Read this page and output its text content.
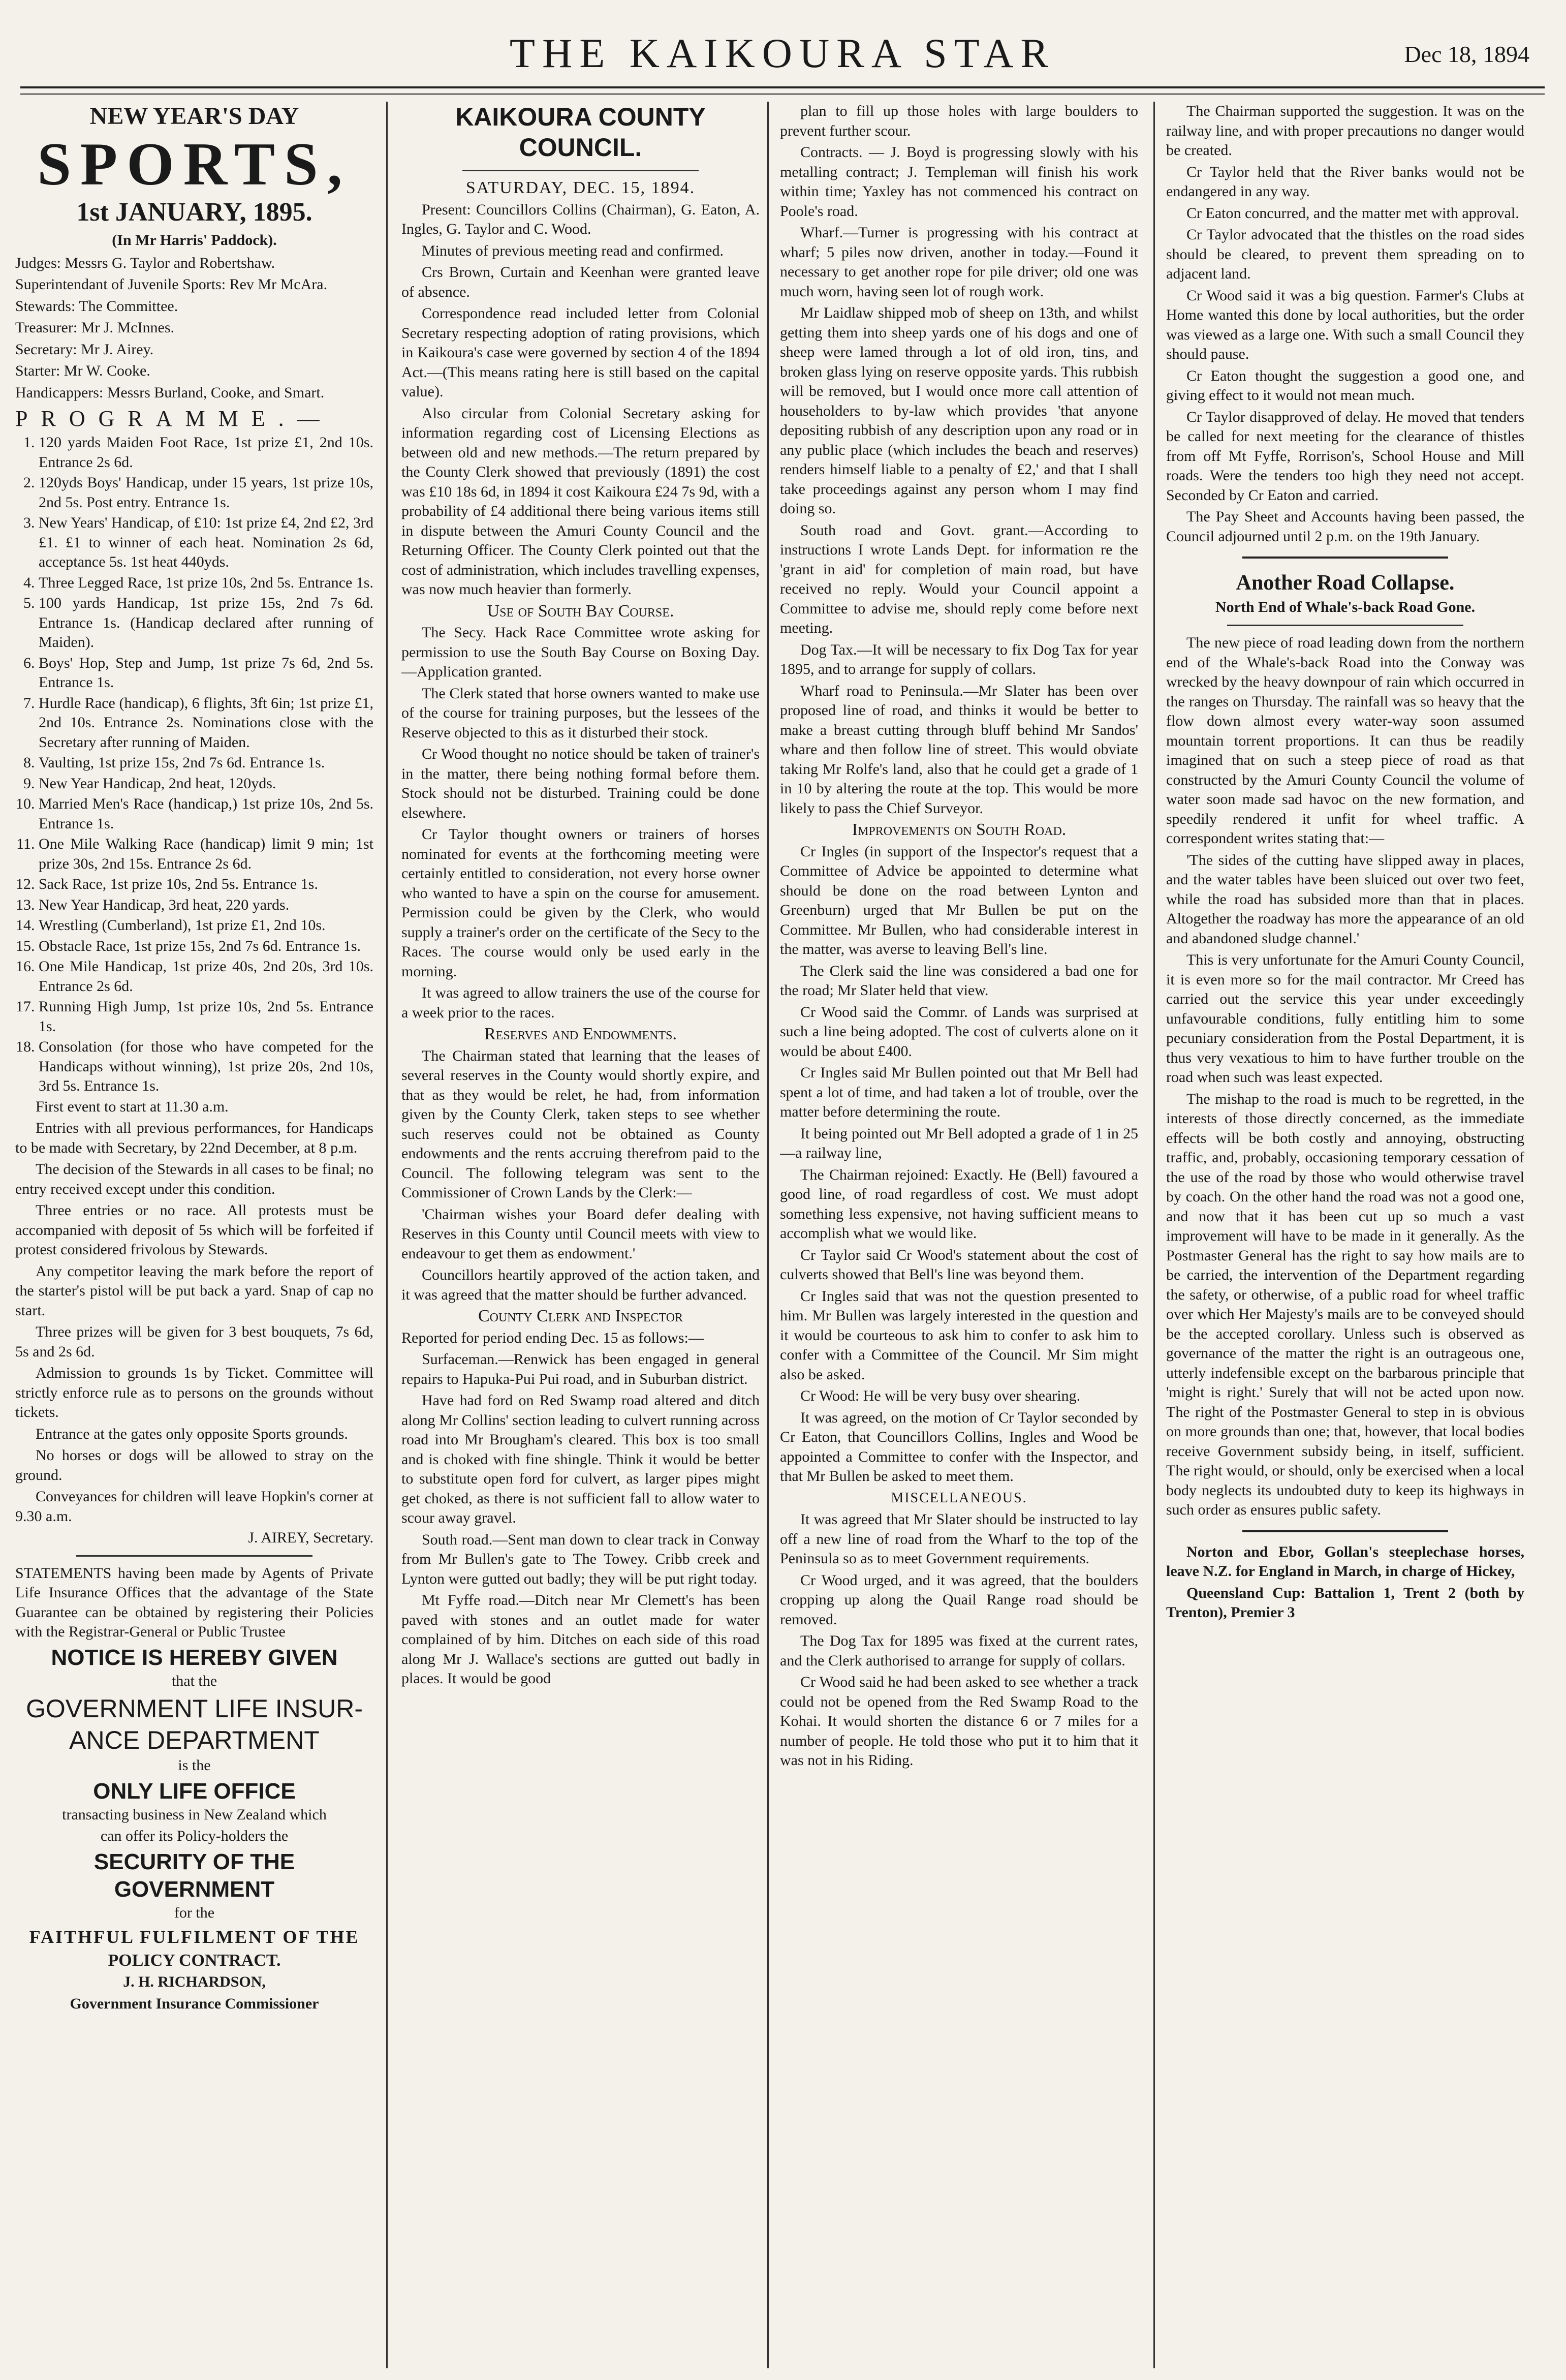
THE KAIKOURA STAR	Dec 18, 1894
NEW YEAR'S DAY
SPORTS,
1st JANUARY, 1895.

(In Mr Harris' Paddock).

Judges: Messrs G. Taylor and Robertshaw.

Superintendant of Juvenile Sports: Rev Mr McAra.

Stewards: The Committee.

Treasurer: Mr J. McInnes.

Secretary: Mr J. Airey.

Starter: Mr W. Cooke.

Handicappers: Messrs Burland, Cooke, and Smart.

PROGRAMME.—
1. 120 yards Maiden Foot Race, 1st prize £1, 2nd 10s. Entrance 2s 6d.
2. 120yds Boys' Handicap, under 15 years, 1st prize 10s, 2nd 5s. Post entry. Entrance 1s.
3. New Years' Handicap, of £10: 1st prize £4, 2nd £2, 3rd £1. £1 to winner of each heat. Nomination 2s 6d, acceptance 5s. 1st heat 440yds.
4. Three Legged Race, 1st prize 10s, 2nd 5s. Entrance 1s.
5. 100 yards Handicap, 1st prize 15s, 2nd 7s 6d. Entrance 1s. (Handicap declared after running of Maiden).
6. Boys' Hop, Step and Jump, 1st prize 7s 6d, 2nd 5s. Entrance 1s.
7. Hurdle Race (handicap), 6 flights, 3ft 6in; 1st prize £1, 2nd 10s. Entrance 2s. Nominations close with the Secretary after running of Maiden.
8. Vaulting, 1st prize 15s, 2nd 7s 6d. Entrance 1s.
9. New Year Handicap, 2nd heat, 120yds.
10. Married Men's Race (handicap,) 1st prize 10s, 2nd 5s. Entrance 1s.
11. One Mile Walking Race (handicap) limit 9 min; 1st prize 30s, 2nd 15s. Entrance 2s 6d.
12. Sack Race, 1st prize 10s, 2nd 5s. Entrance 1s.
13. New Year Handicap, 3rd heat, 220 yards.
14. Wrestling (Cumberland), 1st prize £1, 2nd 10s.
15. Obstacle Race, 1st prize 15s, 2nd 7s 6d. Entrance 1s.
16. One Mile Handicap, 1st prize 40s, 2nd 20s, 3rd 10s. Entrance 2s 6d.
17. Running High Jump, 1st prize 10s, 2nd 5s. Entrance 1s.
18. Consolation (for those who have competed for the Handicaps without winning), 1st prize 20s, 2nd 10s, 3rd 5s. Entrance 1s.

First event to start at 11.30 a.m.

Entries with all previous performances, for Handicaps to be made with Secretary, by 22nd December, at 8 p.m.

The decision of the Stewards in all cases to be final; no entry received except under this condition.

Three entries or no race. All protests must be accompanied with deposit of 5s which will be forfeited if protest considered frivolous by Stewards.

Any competitor leaving the mark before the report of the starter's pistol will be put back a yard. Snap of cap no start.

Three prizes will be given for 3 best bouquets, 7s 6d, 5s and 2s 6d.

Admission to grounds 1s by Ticket. Committee will strictly enforce rule as to persons on the grounds without tickets.

Entrance at the gates only opposite Sports grounds.

No horses or dogs will be allowed to stray on the ground.

Conveyances for children will leave Hopkin's corner at 9.30 a.m.

J. AIREY, Secretary.

STATEMENTS having been made by Agents of Private Life Insurance Offices that the advantage of the State Guarantee can be obtained by registering their Policies with the Registrar-General or Public Trustee

NOTICE IS HEREBY GIVEN

that the

GOVERNMENT LIFE INSUR-
ANCE DEPARTMENT

is the

ONLY LIFE OFFICE

transacting business in New Zealand which

can offer its Policy-holders the

SECURITY OF THE GOVERNMENT

for the

FAITHFUL FULFILMENT OF THE
POLICY CONTRACT.

J. H. RICHARDSON,

Government Insurance Commissioner

KAIKOURA COUNTY COUNCIL.

SATURDAY, DEC. 15, 1894.

Present: Councillors Collins (Chairman), G. Eaton, A. Ingles, G. Taylor and C. Wood.

Minutes of previous meeting read and confirmed.

Crs Brown, Curtain and Keenhan were granted leave of absence.

Correspondence read included letter from Colonial Secretary respecting adoption of rating provisions, which in Kaikoura's case were governed by section 4 of the 1894 Act.—(This means rating here is still based on the capital value).

Also circular from Colonial Secretary asking for information regarding cost of Licensing Elections as between old and new methods.—The return prepared by the County Clerk showed that previously (1891) the cost was £10 18s 6d, in 1894 it cost Kaikoura £24 7s 9d, with a probability of £4 additional there being various items still in dispute between the Amuri County Council and the Returning Officer. The County Clerk pointed out that the cost of administration, which includes travelling expenses, was now much heavier than formerly.

Use of South Bay Course.

The Secy. Hack Race Committee wrote asking for permission to use the South Bay Course on Boxing Day.—Application granted.

The Clerk stated that horse owners wanted to make use of the course for training purposes, but the lessees of the Reserve objected to this as it disturbed their stock.

Cr Wood thought no notice should be taken of trainer's in the matter, there being nothing formal before them. Stock should not be disturbed. Training could be done elsewhere.

Cr Taylor thought owners or trainers of horses nominated for events at the forthcoming meeting were certainly entitled to consideration, not every horse owner who wanted to have a spin on the course for amusement. Permission could be given by the Clerk, who would supply a trainer's order on the certificate of the Secy to the Races. The course would only be used early in the morning.

It was agreed to allow trainers the use of the course for a week prior to the races.

Reserves and Endowments.

The Chairman stated that learning that the leases of several reserves in the County would shortly expire, and that as they would be relet, he had, from information given by the County Clerk, taken steps to see whether such reserves could not be obtained as County endowments and the rents accruing therefrom paid to the Council. The following telegram was sent to the Commissioner of Crown Lands by the Clerk:—

'Chairman wishes your Board defer dealing with Reserves in this County until Council meets with view to endeavour to get them as endowment.'

Councillors heartily approved of the action taken, and it was agreed that the matter should be further advanced.

County Clerk and Inspector

Reported for period ending Dec. 15 as follows:—

Surfaceman.—Renwick has been engaged in general repairs to Hapuka-Pui Pui road, and in Suburban district.

Have had ford on Red Swamp road altered and ditch along Mr Collins' section leading to culvert running across road into Mr Brougham's cleared. This box is too small and is choked with fine shingle. Think it would be better to substitute open ford for culvert, as larger pipes might get choked, as there is not sufficient fall to allow water to scour away gravel.

South road.—Sent man down to clear track in Conway from Mr Bullen's gate to The Towey. Cribb creek and Lynton were gutted out badly; they will be put right today.

Mt Fyffe road.—Ditch near Mr Clemett's has been paved with stones and an outlet made for water complained of by him. Ditches on each side of this road along Mr J. Wallace's sections are gutted out badly in places. It would be good

plan to fill up those holes with large boulders to prevent further scour.

Contracts. — J. Boyd is progressing slowly with his metalling contract; J. Templeman will finish his work within time; Yaxley has not commenced his contract on Poole's road.

Wharf.—Turner is progressing with his contract at wharf; 5 piles now driven, another in today.—Found it necessary to get another rope for pile driver; old one was much worn, having seen lot of rough work.

Mr Laidlaw shipped mob of sheep on 13th, and whilst getting them into sheep yards one of his dogs and one of sheep were lamed through a lot of old iron, tins, and broken glass lying on reserve opposite yards. This rubbish will be removed, but I would once more call attention of householders to by-law which provides 'that anyone depositing rubbish of any description upon any road or in any public place (which includes the beach and reserves) renders himself liable to a penalty of £2,' and that I shall take proceedings against any person whom I may find doing so.

South road and Govt. grant.—According to instructions I wrote Lands Dept. for information re the 'grant in aid' for completion of main road, but have received no reply. Would your Council appoint a Committee to advise me, should reply come before next meeting.

Dog Tax.—It will be necessary to fix Dog Tax for year 1895, and to arrange for supply of collars.

Wharf road to Peninsula.—Mr Slater has been over proposed line of road, and thinks it would be better to make a breast cutting through bluff behind Mr Sandos' whare and then follow line of street. This would obviate taking Mr Rolfe's land, also that he could get a grade of 1 in 10 by altering the route at the top. This would be more likely to pass the Chief Surveyor.

Improvements on South Road.

Cr Ingles (in support of the Inspector's request that a Committee of Advice be appointed to determine what should be done on the road between Lynton and Greenburn) urged that Mr Bullen be put on the Committee. Mr Bullen, who had considerable interest in the matter, was averse to leaving Bell's line.

The Clerk said the line was considered a bad one for the road; Mr Slater held that view.

Cr Wood said the Commr. of Lands was surprised at such a line being adopted. The cost of culverts alone on it would be about £400.

Cr Ingles said Mr Bullen pointed out that Mr Bell had spent a lot of time, and had taken a lot of trouble, over the matter before determining the route.

It being pointed out Mr Bell adopted a grade of 1 in 25—a railway line,

The Chairman rejoined: Exactly. He (Bell) favoured a good line, of road regardless of cost. We must adopt something less expensive, not having sufficient means to accomplish what we would like.

Cr Taylor said Cr Wood's statement about the cost of culverts showed that Bell's line was beyond them.

Cr Ingles said that was not the question presented to him. Mr Bullen was largely interested in the question and it would be courteous to ask him to confer to ask him to confer with a Committee of the Council. Mr Sim might also be asked.

Cr Wood: He will be very busy over shearing.

It was agreed, on the motion of Cr Taylor seconded by Cr Eaton, that Councillors Collins, Ingles and Wood be appointed a Committee to confer with the Inspector, and that Mr Bullen be asked to meet them.

MISCELLANEOUS.

It was agreed that Mr Slater should be instructed to lay off a new line of road from the Wharf to the top of the Peninsula so as to meet Government requirements.

Cr Wood urged, and it was agreed, that the boulders cropping up along the Quail Range road should be removed.

The Dog Tax for 1895 was fixed at the current rates, and the Clerk authorised to arrange for supply of collars.

Cr Wood said he had been asked to see whether a track could not be opened from the Red Swamp Road to the Kohai. It would shorten the distance 6 or 7 miles for a number of people. He told those who put it to him that it was not in his Riding.

The Chairman supported the suggestion. It was on the railway line, and with proper precautions no danger would be created.

Cr Taylor held that the River banks would not be endangered in any way.

Cr Eaton concurred, and the matter met with approval.

Cr Taylor advocated that the thistles on the road sides should be cleared, to prevent them spreading on to adjacent land.

Cr Wood said it was a big question. Farmer's Clubs at Home wanted this done by local authorities, but the order was viewed as a large one. With such a small Council they should pause.

Cr Eaton thought the suggestion a good one, and giving effect to it would not mean much.

Cr Taylor disapproved of delay. He moved that tenders be called for next meeting for the clearance of thistles from off Mt Fyffe, Rorrison's, School House and Mill roads. Were the tenders too high they need not accept. Seconded by Cr Eaton and carried.

The Pay Sheet and Accounts having been passed, the Council adjourned until 2 p.m. on the 19th January.

Another Road Collapse.
North End of Whale's-back Road Gone.

The new piece of road leading down from the northern end of the Whale's-back Road into the Conway was wrecked by the heavy downpour of rain which occurred in the ranges on Thursday. The rainfall was so heavy that the flow down almost every water-way soon assumed mountain torrent proportions. It can thus be readily imagined that on such a steep piece of road as that constructed by the Amuri County Council the volume of water soon made sad havoc on the new formation, and speedily rendered it unfit for wheel traffic. A correspondent writes stating that:—

'The sides of the cutting have slipped away in places, and the water tables have been sluiced out over two feet, while the road has subsided more than that in places. Altogether the roadway has more the appearance of an old and abandoned sludge channel.'

This is very unfortunate for the Amuri County Council, it is even more so for the mail contractor. Mr Creed has carried out the service this year under exceedingly unfavourable conditions, fully entitling him to some pecuniary consideration from the Postal Department, it is thus very vexatious to him to have further trouble on the road when such was least expected.

The mishap to the road is much to be regretted, in the interests of those directly concerned, as the immediate effects will be both costly and annoying, obstructing traffic, and, probably, occasioning temporary cessation of the use of the road by those who would otherwise travel by coach. On the other hand the road was not a good one, and now that it has been cut up so much a vast improvement will have to be made in it generally. As the Postmaster General has the right to say how mails are to be carried, the intervention of the Department regarding the safety, or otherwise, of a public road for wheel traffic over which Her Majesty's mails are to be conveyed should be the accepted corollary. Unless such is observed as governance of the matter the right is an outrageous one, utterly indefensible except on the barbarous principle that 'might is right.' Surely that will not be acted upon now. The right of the Postmaster General to step in is obvious on more grounds than one; that, however, that local bodies receive Government subsidy being, in itself, sufficient. The right would, or should, only be exercised when a local body neglects its undoubted duty to keep its highways in such order as ensures public safety.

Norton and Ebor, Gollan's steeplechase horses, leave N.Z. for England in March, in charge of Hickey,

Queensland Cup: Battalion 1, Trent 2 (both by Trenton), Premier 3
